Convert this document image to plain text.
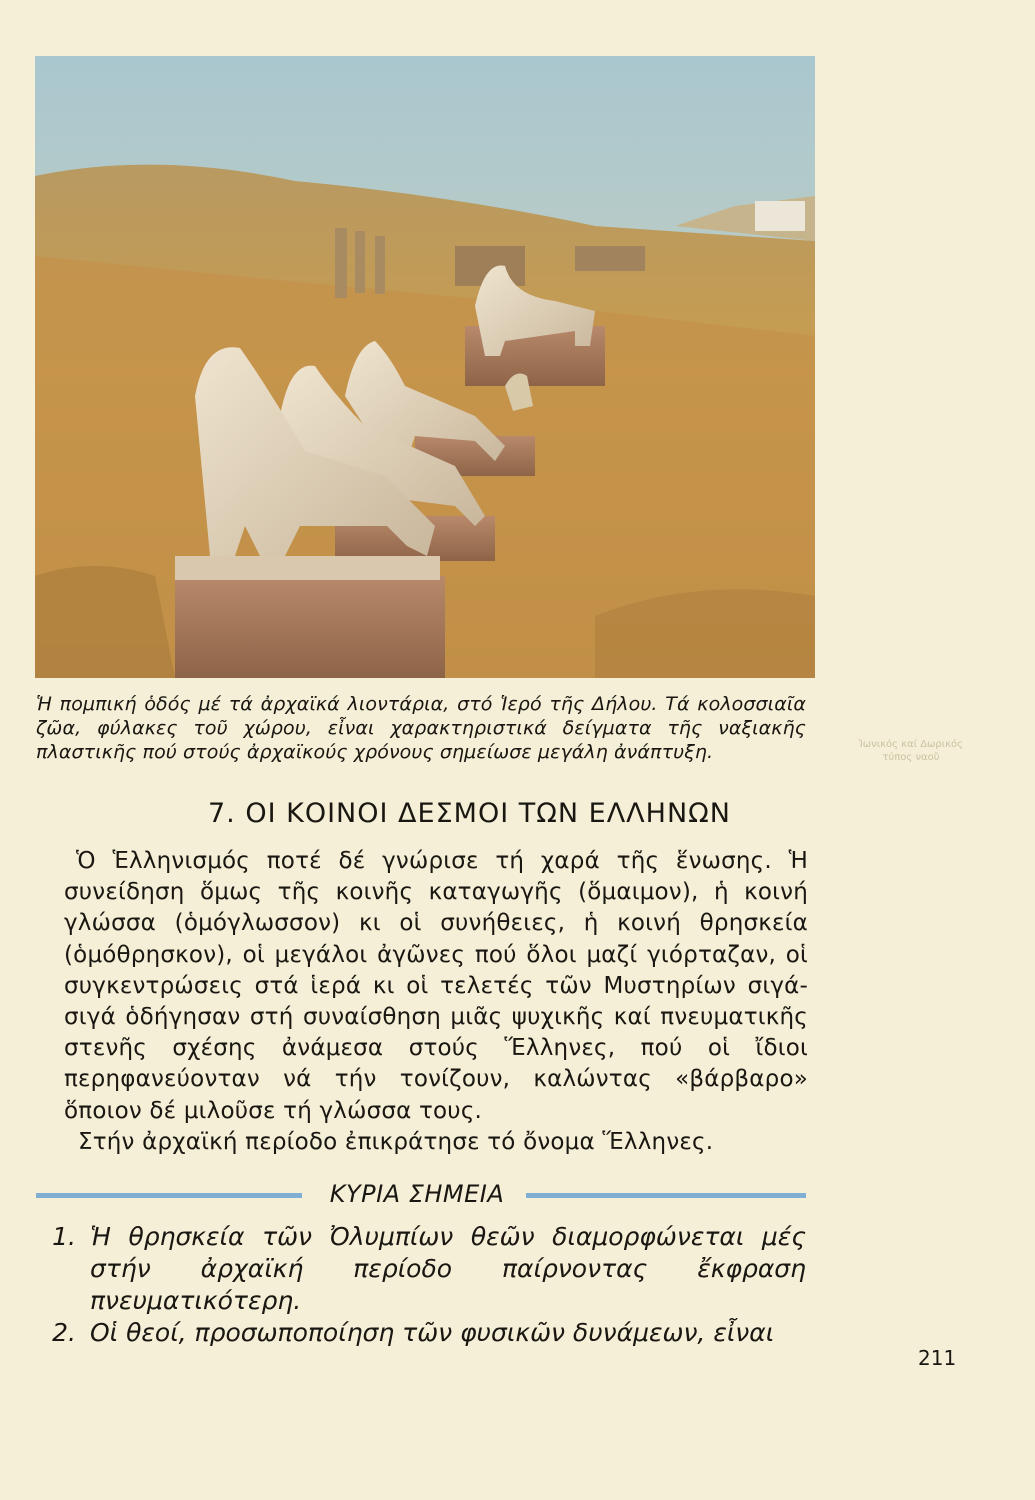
Ἡ πομπική ὁδός μέ τά ἀρχαϊκά λιοντάρια, στό Ἱερό τῆς Δήλου. Τά κολοσσιαῖα ζῶα, φύλακες τοῦ χώρου, εἶναι χαρακτηριστικά δείγματα τῆς ναξιακῆς πλαστικῆς πού στούς ἀρχαϊκούς χρόνους σημείωσε μεγάλη ἀνάπτυξη.	Ἰωνικός καί Δωρικός τύπος ναοῦ
7. ΟΙ ΚΟΙΝΟΙ ΔΕΣΜΟΙ ΤΩΝ ΕΛΛΗΝΩΝ

Ὁ Ἑλληνισμός ποτέ δέ γνώρισε τή χαρά τῆς ἕνωσης. Ἡ συνείδηση ὅμως τῆς κοινῆς καταγωγῆς (ὅμαιμον), ἡ κοινή γλώσσα (ὁμόγλωσσον) κι οἱ συνήθειες, ἡ κοινή θρησκεία (ὁμόθρησκον), οἱ μεγάλοι ἀγῶνες πού ὅλοι μαζί γιόρταζαν, οἱ συγκεντρώσεις στά ἱερά κι οἱ τελετές τῶν Μυστηρίων σιγά-σιγά ὁδήγησαν στή συναίσθηση μιᾶς ψυχικῆς καί πνευματικῆς στενῆς σχέσης ἀνάμεσα στούς Ἕλληνες, πού οἱ ἴδιοι περηφανεύονταν νά τήν τονίζουν, καλώντας «βάρβαρο» ὅποιον δέ μιλοῦσε τή γλώσσα τους.

Στήν ἀρχαϊκή περίοδο ἐπικράτησε τό ὄνομα Ἕλληνες.

ΚΥΡΙΑ ΣΗΜΕΙΑ
1. Ἡ θρησκεία τῶν Ὀλυμπίων θεῶν διαμορφώνεται μές στήν ἀρχαϊκή περίοδο παίρνοντας ἔκφραση πνευματικότερη.
2. Οἱ θεοί, προσωποποίηση τῶν φυσικῶν δυνάμεων, εἶναι
211
